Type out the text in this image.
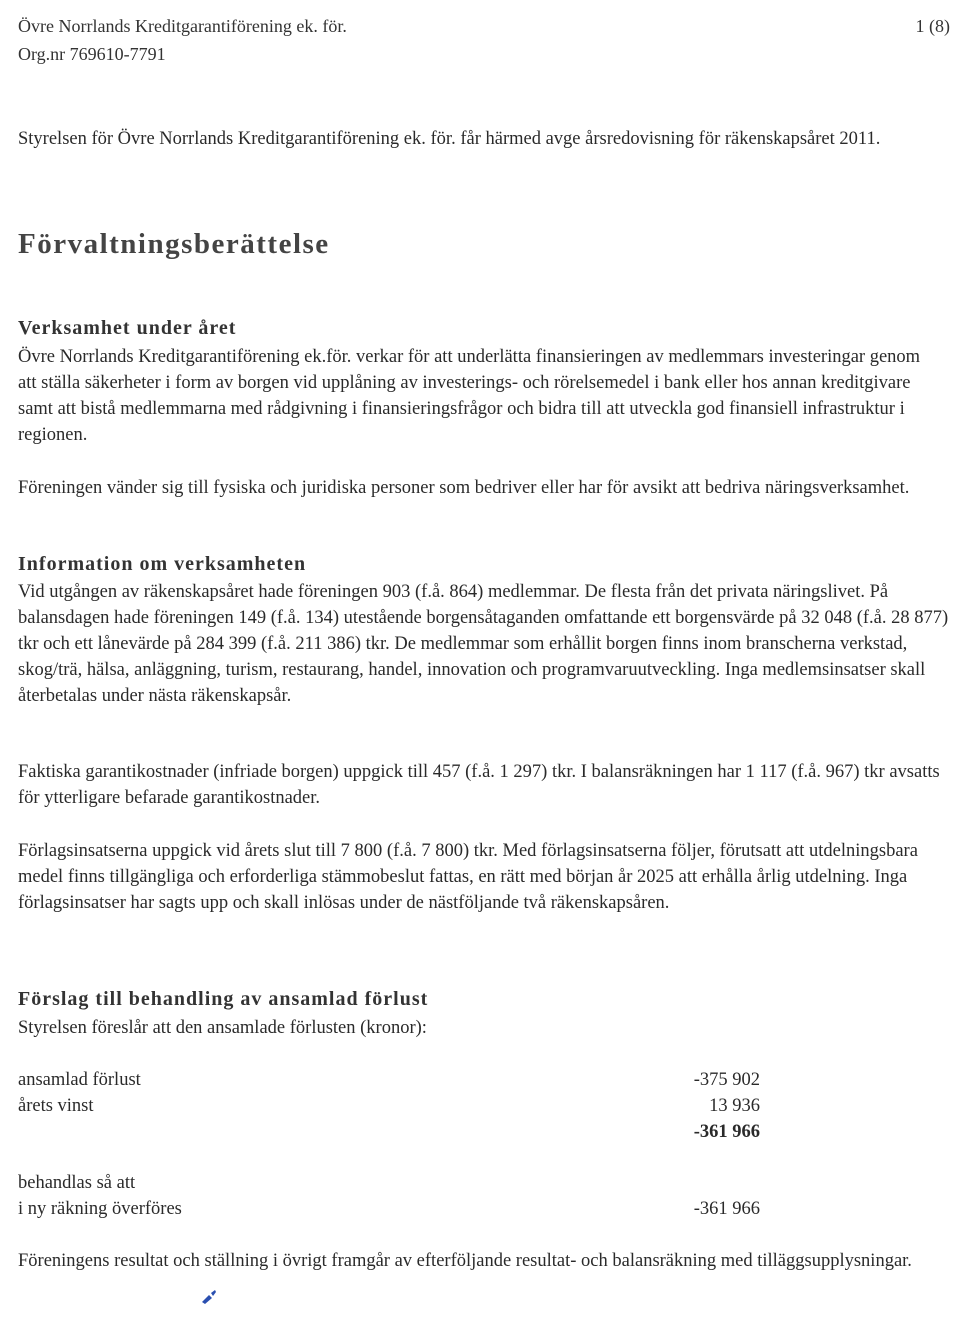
Övre Norrlands Kreditgarantiförening ek. för.
Org.nr 769610-7791
1 (8)

Styrelsen för Övre Norrlands Kreditgarantiförening ek. för. får härmed avge årsredovisning för räkenskapsåret 2011.

Förvaltningsberättelse
Verksamhet under året

Övre Norrlands Kreditgarantiförening ek.för. verkar för att underlätta finansieringen av medlemmars investeringar genom att ställa säkerheter i form av borgen vid upplåning av investerings- och rörelsemedel i bank eller hos annan kreditgivare samt att bistå medlemmarna med rådgivning i finansieringsfrågor och bidra till att utveckla god finansiell infrastruktur i regionen.

Föreningen vänder sig till fysiska och juridiska personer som bedriver eller har för avsikt att bedriva näringsverksamhet.

Information om verksamheten

Vid utgången av räkenskapsåret hade föreningen 903 (f.å. 864) medlemmar. De flesta från det privata näringslivet. På balansdagen hade föreningen 149 (f.å. 134) utestående borgensåtaganden omfattande ett borgensvärde på 32 048 (f.å. 28 877) tkr och ett lånevärde på 284 399 (f.å. 211 386) tkr. De medlemmar som erhållit borgen finns inom branscherna verkstad, skog/trä, hälsa, anläggning, turism, restaurang, handel, innovation och programvaruutveckling. Inga medlemsinsatser skall återbetalas under nästa räkenskapsår.

Faktiska garantikostnader (infriade borgen) uppgick till 457 (f.å. 1 297) tkr. I balansräkningen har 1 117 (f.å. 967) tkr avsatts för ytterligare befarade garantikostnader.

Förlagsinsatserna uppgick vid årets slut till 7 800 (f.å. 7 800) tkr. Med förlagsinsatserna följer, förutsatt att utdelningsbara medel finns tillgängliga och erforderliga stämmobeslut fattas, en rätt med början år 2025 att erhålla årlig utdelning. Inga förlagsinsatser har sagts upp och skall inlösas under de nästföljande två räkenskapsåren.

Förslag till behandling av ansamlad förlust

Styrelsen föreslår att den ansamlade förlusten (kronor):

ansamlad förlust	-375 902
årets vinst	13 936
-361 966
behandlas så att
i ny räkning överföres	-361 966

Föreningens resultat och ställning i övrigt framgår av efterföljande resultat- och balansräkning med tilläggsupplysningar.
